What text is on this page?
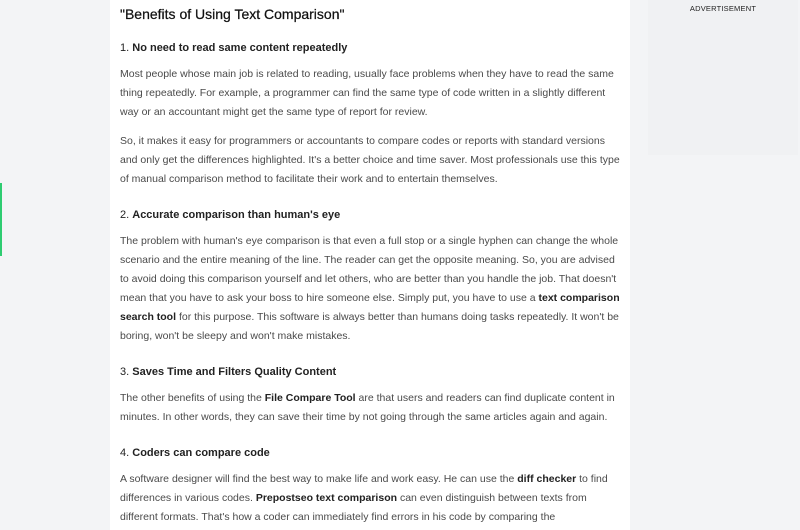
"Benefits of Using Text Comparison"
1. No need to read same content repeatedly

Most people whose main job is related to reading, usually face problems when they have to read the same thing repeatedly. For example, a programmer can find the same type of code written in a slightly different way or an accountant might get the same type of report for review.

So, it makes it easy for programmers or accountants to compare codes or reports with standard versions and only get the differences highlighted. It's a better choice and time saver. Most professionals use this type of manual comparison method to facilitate their work and to entertain themselves.

2. Accurate comparison than human's eye

The problem with human's eye comparison is that even a full stop or a single hyphen can change the whole scenario and the entire meaning of the line. The reader can get the opposite meaning. So, you are advised to avoid doing this comparison yourself and let others, who are better than you handle the job. That doesn't mean that you have to ask your boss to hire someone else. Simply put, you have to use a text comparison search tool for this purpose. This software is always better than humans doing tasks repeatedly. It won't be boring, won't be sleepy and won't make mistakes.

3. Saves Time and Filters Quality Content

The other benefits of using the File Compare Tool are that users and readers can find duplicate content in minutes. In other words, they can save their time by not going through the same articles again and again.

4. Coders can compare code

A software designer will find the best way to make life and work easy. He can use the diff checker to find differences in various codes. Prepostseo text comparison can even distinguish between texts from different formats. That's how a coder can immediately find errors in his code by comparing the

ADVERTISEMENT
